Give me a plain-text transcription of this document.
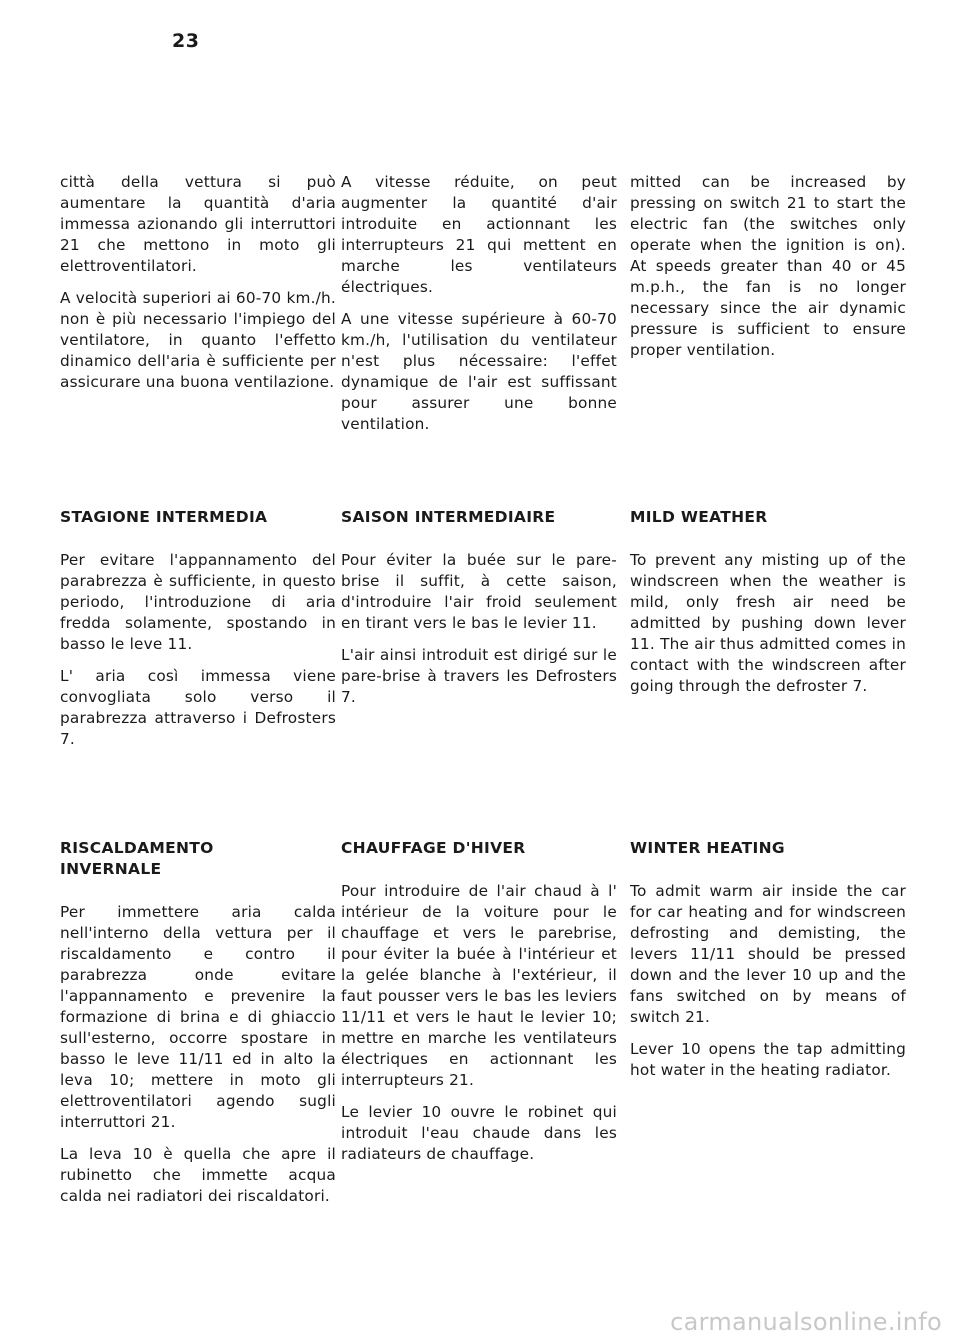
23

città della vettura si può aumentare la quantità d'aria immessa azionando gli interruttori 21 che mettono in moto gli elettroventilatori.

A velocità superiori ai 60-70 km./h. non è più necessario l'impiego del ventilatore, in quanto l'effetto dinamico dell'aria è sufficiente per assicurare una buona ventilazione.

A vitesse réduite, on peut augmenter la quantité d'air introduite en actionnant les interrupteurs 21 qui mettent en marche les ventilateurs électriques.

A une vitesse supérieure à 60-70 km./h, l'utilisation du ventilateur n'est plus nécessaire: l'effet dynamique de l'air est suffissant pour assurer une bonne ventilation.

mitted can be increased by pressing on switch 21 to start the electric fan (the switches only operate when the ignition is on). At speeds greater than 40 or 45 m.p.h., the fan is no longer necessary since the air dynamic pressure is sufficient to ensure proper ventilation.

STAGIONE INTERMEDIA

Per evitare l'appannamento del parabrezza è sufficiente, in questo periodo, l'introduzione di aria fredda solamente, spostando in basso le leve 11.

L' aria così immessa viene convogliata solo verso il parabrezza attraverso i Defrosters 7.

SAISON INTERMEDIAIRE

Pour éviter la buée sur le pare-brise il suffit, à cette saison, d'introduire l'air froid seulement en tirant vers le bas le levier 11.

L'air ainsi introduit est dirigé sur le pare-brise à travers les Defrosters 7.

MILD WEATHER

To prevent any misting up of the windscreen when the weather is mild, only fresh air need be admitted by pushing down lever 11. The air thus admitted comes in contact with the windscreen after going through the defroster 7.

RISCALDAMENTO INVERNALE

Per immettere aria calda nell'interno della vettura per il riscaldamento e contro il parabrezza onde evitare l'appannamento e prevenire la formazione di brina e di ghiaccio sull'esterno, occorre spostare in basso le leve 11/11 ed in alto la leva 10; mettere in moto gli elettroventilatori agendo sugli interruttori 21.

La leva 10 è quella che apre il rubinetto che immette acqua calda nei radiatori dei riscaldatori.

CHAUFFAGE D'HIVER

Pour introduire de l'air chaud à l' intérieur de la voiture pour le chauffage et vers le parebrise, pour éviter la buée à l'intérieur et la gelée blanche à l'extérieur, il faut pousser vers le bas les leviers 11/11 et vers le haut le levier 10; mettre en marche les ventilateurs électriques en actionnant les interrupteurs 21.

Le levier 10 ouvre le robinet qui introduit l'eau chaude dans les radiateurs de chauffage.

WINTER HEATING

To admit warm air inside the car for car heating and for windscreen defrosting and demisting, the levers 11/11 should be pressed down and the lever 10 up and the fans switched on by means of switch 21.

Lever 10 opens the tap admitting hot water in the heating radiator.

carmanualsonline.info
